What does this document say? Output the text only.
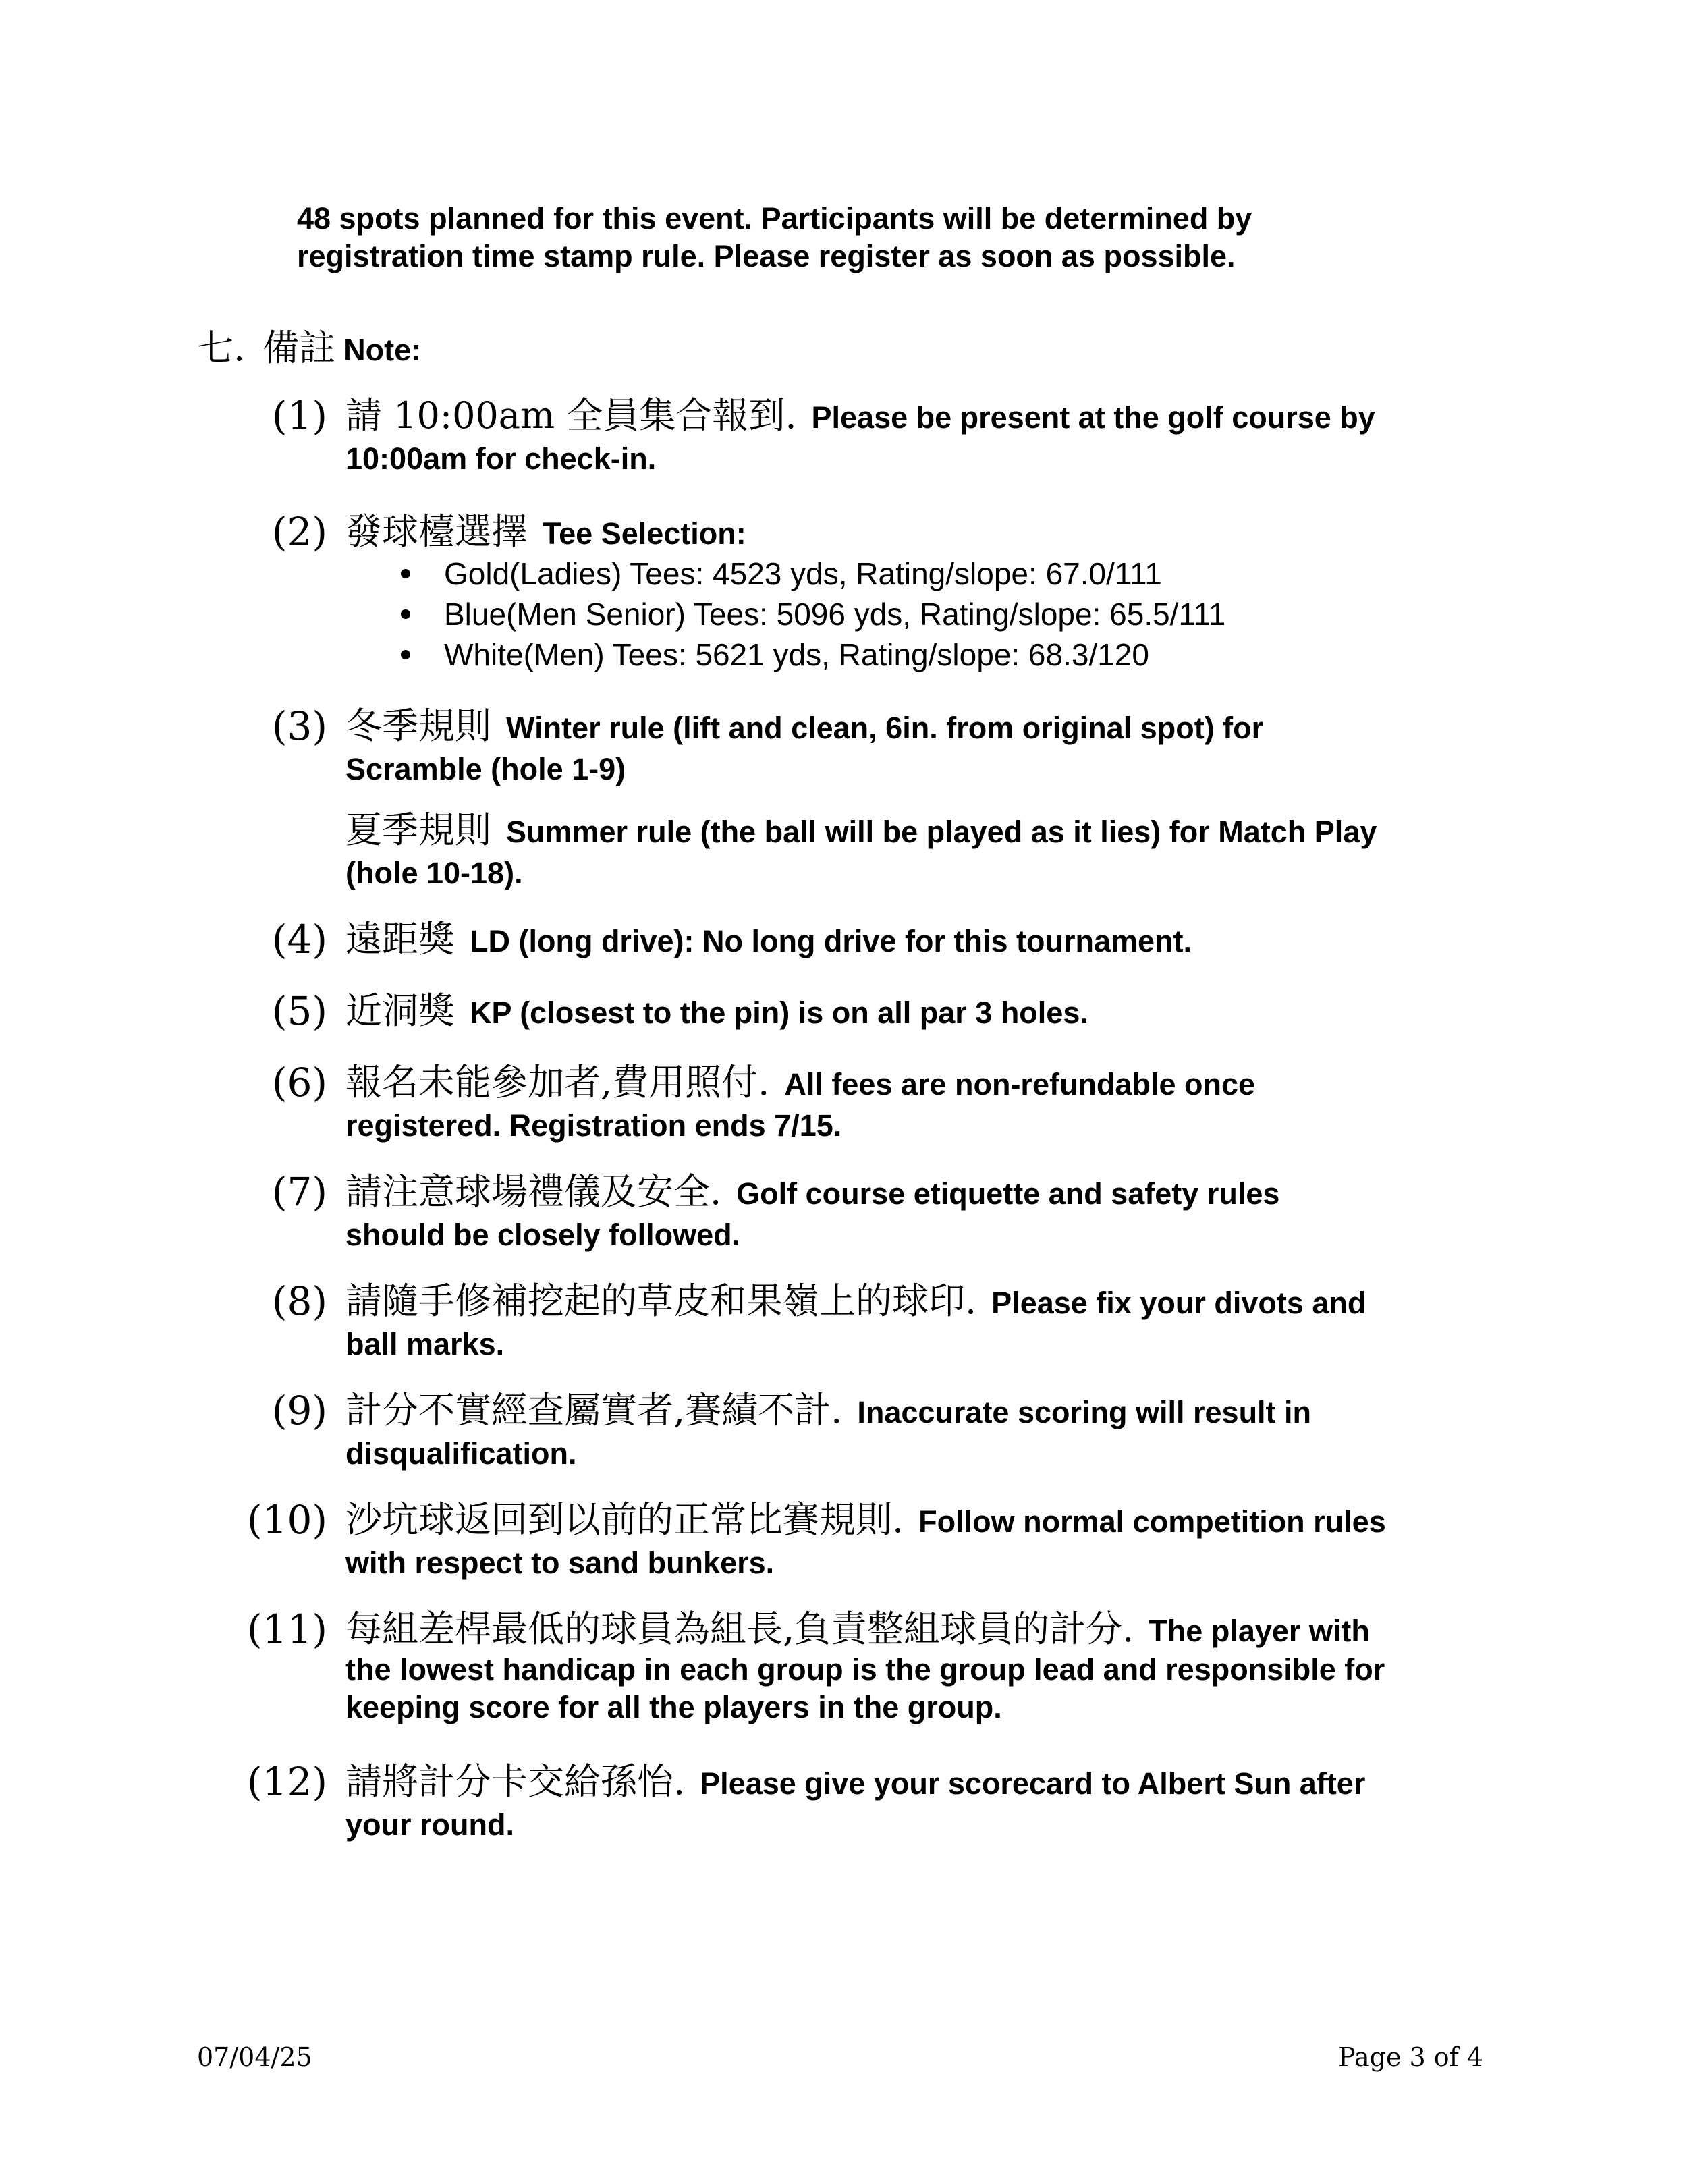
48 spots planned for this event. Participants will be determined by
registration time stamp rule. Please register as soon as possible.
七. 備註 Note:
(1) 請 10:00am 全員集合報到. Please be present at the golf course by
10:00am for check-in.
(2) 發球檯選擇 Tee Selection:
Gold(Ladies) Tees: 4523 yds, Rating/slope: 67.0/111
Blue(Men Senior) Tees: 5096 yds, Rating/slope: 65.5/111
White(Men) Tees: 5621 yds, Rating/slope: 68.3/120
(3) 冬季規則 Winter rule (lift and clean, 6in. from original spot) for
Scramble (hole 1-9)
夏季規則 Summer rule (the ball will be played as it lies) for Match Play
(hole 10-18).
(4) 遠距獎 LD (long drive): No long drive for this tournament.
(5) 近洞獎 KP (closest to the pin) is on all par 3 holes.
(6) 報名未能參加者,費用照付. All fees are non-refundable once
registered. Registration ends 7/15.
(7) 請注意球場禮儀及安全. Golf course etiquette and safety rules
should be closely followed.
(8) 請隨手修補挖起的草皮和果嶺上的球印. Please fix your divots and
ball marks.
(9) 計分不實經查屬實者,賽績不計. Inaccurate scoring will result in
disqualification.
(10) 沙坑球返回到以前的正常比賽規則. Follow normal competition rules
with respect to sand bunkers.
(11) 每組差桿最低的球員為組長,負責整組球員的計分. The player with
the lowest handicap in each group is the group lead and responsible for
keeping score for all the players in the group.
(12) 請將計分卡交給孫怡. Please give your scorecard to Albert Sun after
your round.
07/04/25	Page 3 of 4
